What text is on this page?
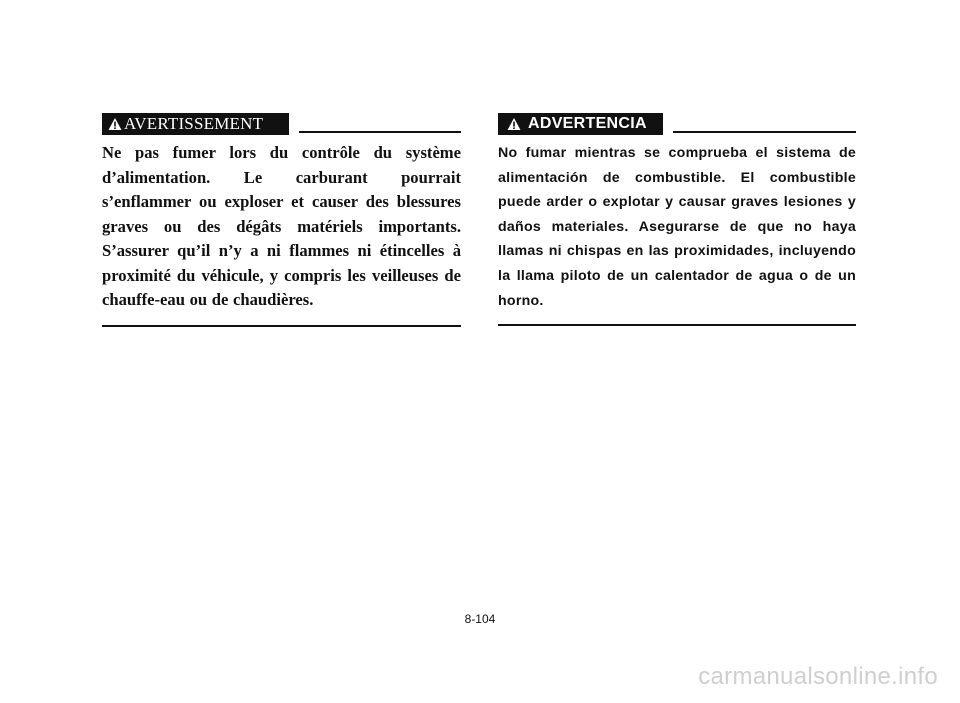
AVERTISSEMENT

Ne pas fumer lors du contrôle du système d’alimentation. Le carburant pourrait s’enflammer ou exploser et causer des blessures graves ou des dégâts matériels importants. S’assurer qu’il n’y a ni flammes ni étincelles à proximité du véhicule, y compris les veilleuses de chauffe-eau ou de chaudières.

ADVERTENCIA

No fumar mientras se comprueba el sistema de alimentación de combustible. El combustible puede arder o explotar y causar graves lesiones y daños materiales. Asegurarse de que no haya llamas ni chispas en las proximidades, incluyendo la llama piloto de un calentador de agua o de un horno.

8-104
carmanualsonline.info
